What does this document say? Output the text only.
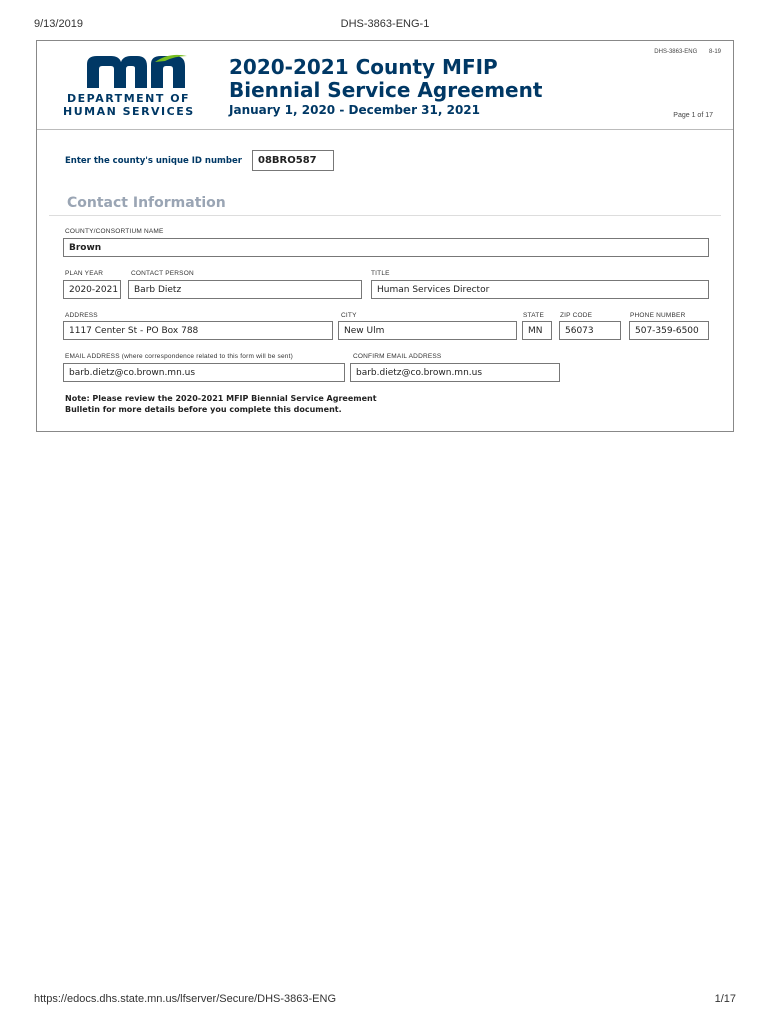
9/13/2019	DHS-3863-ENG-1
DEPARTMENT OF
HUMAN SERVICES
2020-2021 County MFIP
Biennial Service Agreement
January 1, 2020 - December 31, 2021
DHS-3863-ENG 8-19
Page 1 of 17
Enter the county's unique ID number	08BRO587
Contact Information
COUNTY/CONSORTIUM NAME
Brown
PLAN YEAR
2020-2021
CONTACT PERSON
Barb Dietz
TITLE
Human Services Director
ADDRESS
1117 Center St - PO Box 788
CITY
New Ulm
STATE
MN
ZIP CODE
56073
PHONE NUMBER
507-359-6500
EMAIL ADDRESS (where correspondence related to this form will be sent)
barb.dietz@co.brown.mn.us
CONFIRM EMAIL ADDRESS
barb.dietz@co.brown.mn.us
Note: Please review the 2020-2021 MFIP Biennial Service Agreement
Bulletin for more details before you complete this document.
https://edocs.dhs.state.mn.us/lfserver/Secure/DHS-3863-ENG	1/17
